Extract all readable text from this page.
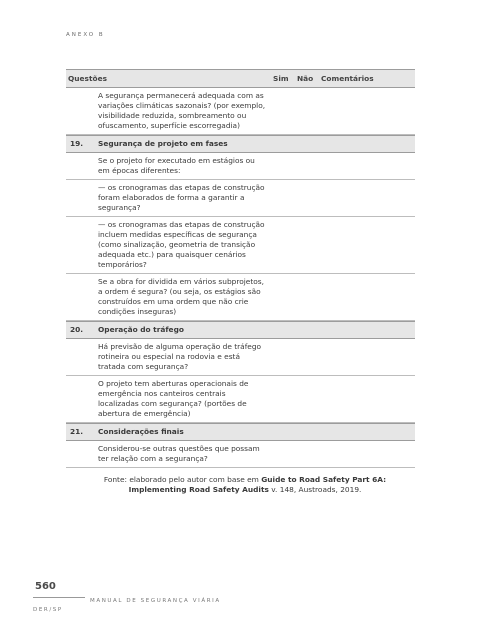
ANEXO B
Questões	Sim Não Comentários
A segurança permanecerá adequada com as variações climáticas sazonais? (por exemplo, visibilidade reduzida, sombreamento ou ofuscamento, superfície escorregadia)
19. Segurança de projeto em fases
Se o projeto for executado em estágios ou em épocas diferentes:
— os cronogramas das etapas de construção foram elaborados de forma a garantir a segurança?
— os cronogramas das etapas de construção incluem medidas específicas de segurança (como sinalização, geometria de transição adequada etc.) para quaisquer cenários temporários?
Se a obra for dividida em vários subprojetos, a ordem é segura? (ou seja, os estágios são construídos em uma ordem que não crie condições inseguras)
20. Operação do tráfego
Há previsão de alguma operação de tráfego rotineira ou especial na rodovia e está tratada com segurança?
O projeto tem aberturas operacionais de emergência nos canteiros centrais localizadas com segurança? (portões de abertura de emergência)
21. Considerações finais
Considerou-se outras questões que possam ter relação com a segurança?
Fonte: elaborado pelo autor com base em Guide to Road Safety Part 6A: Implementing Road Safety Audits v. 148, Austroads, 2019.
560
MANUAL DE SEGURANÇA VIÁRIA
DER/SP
